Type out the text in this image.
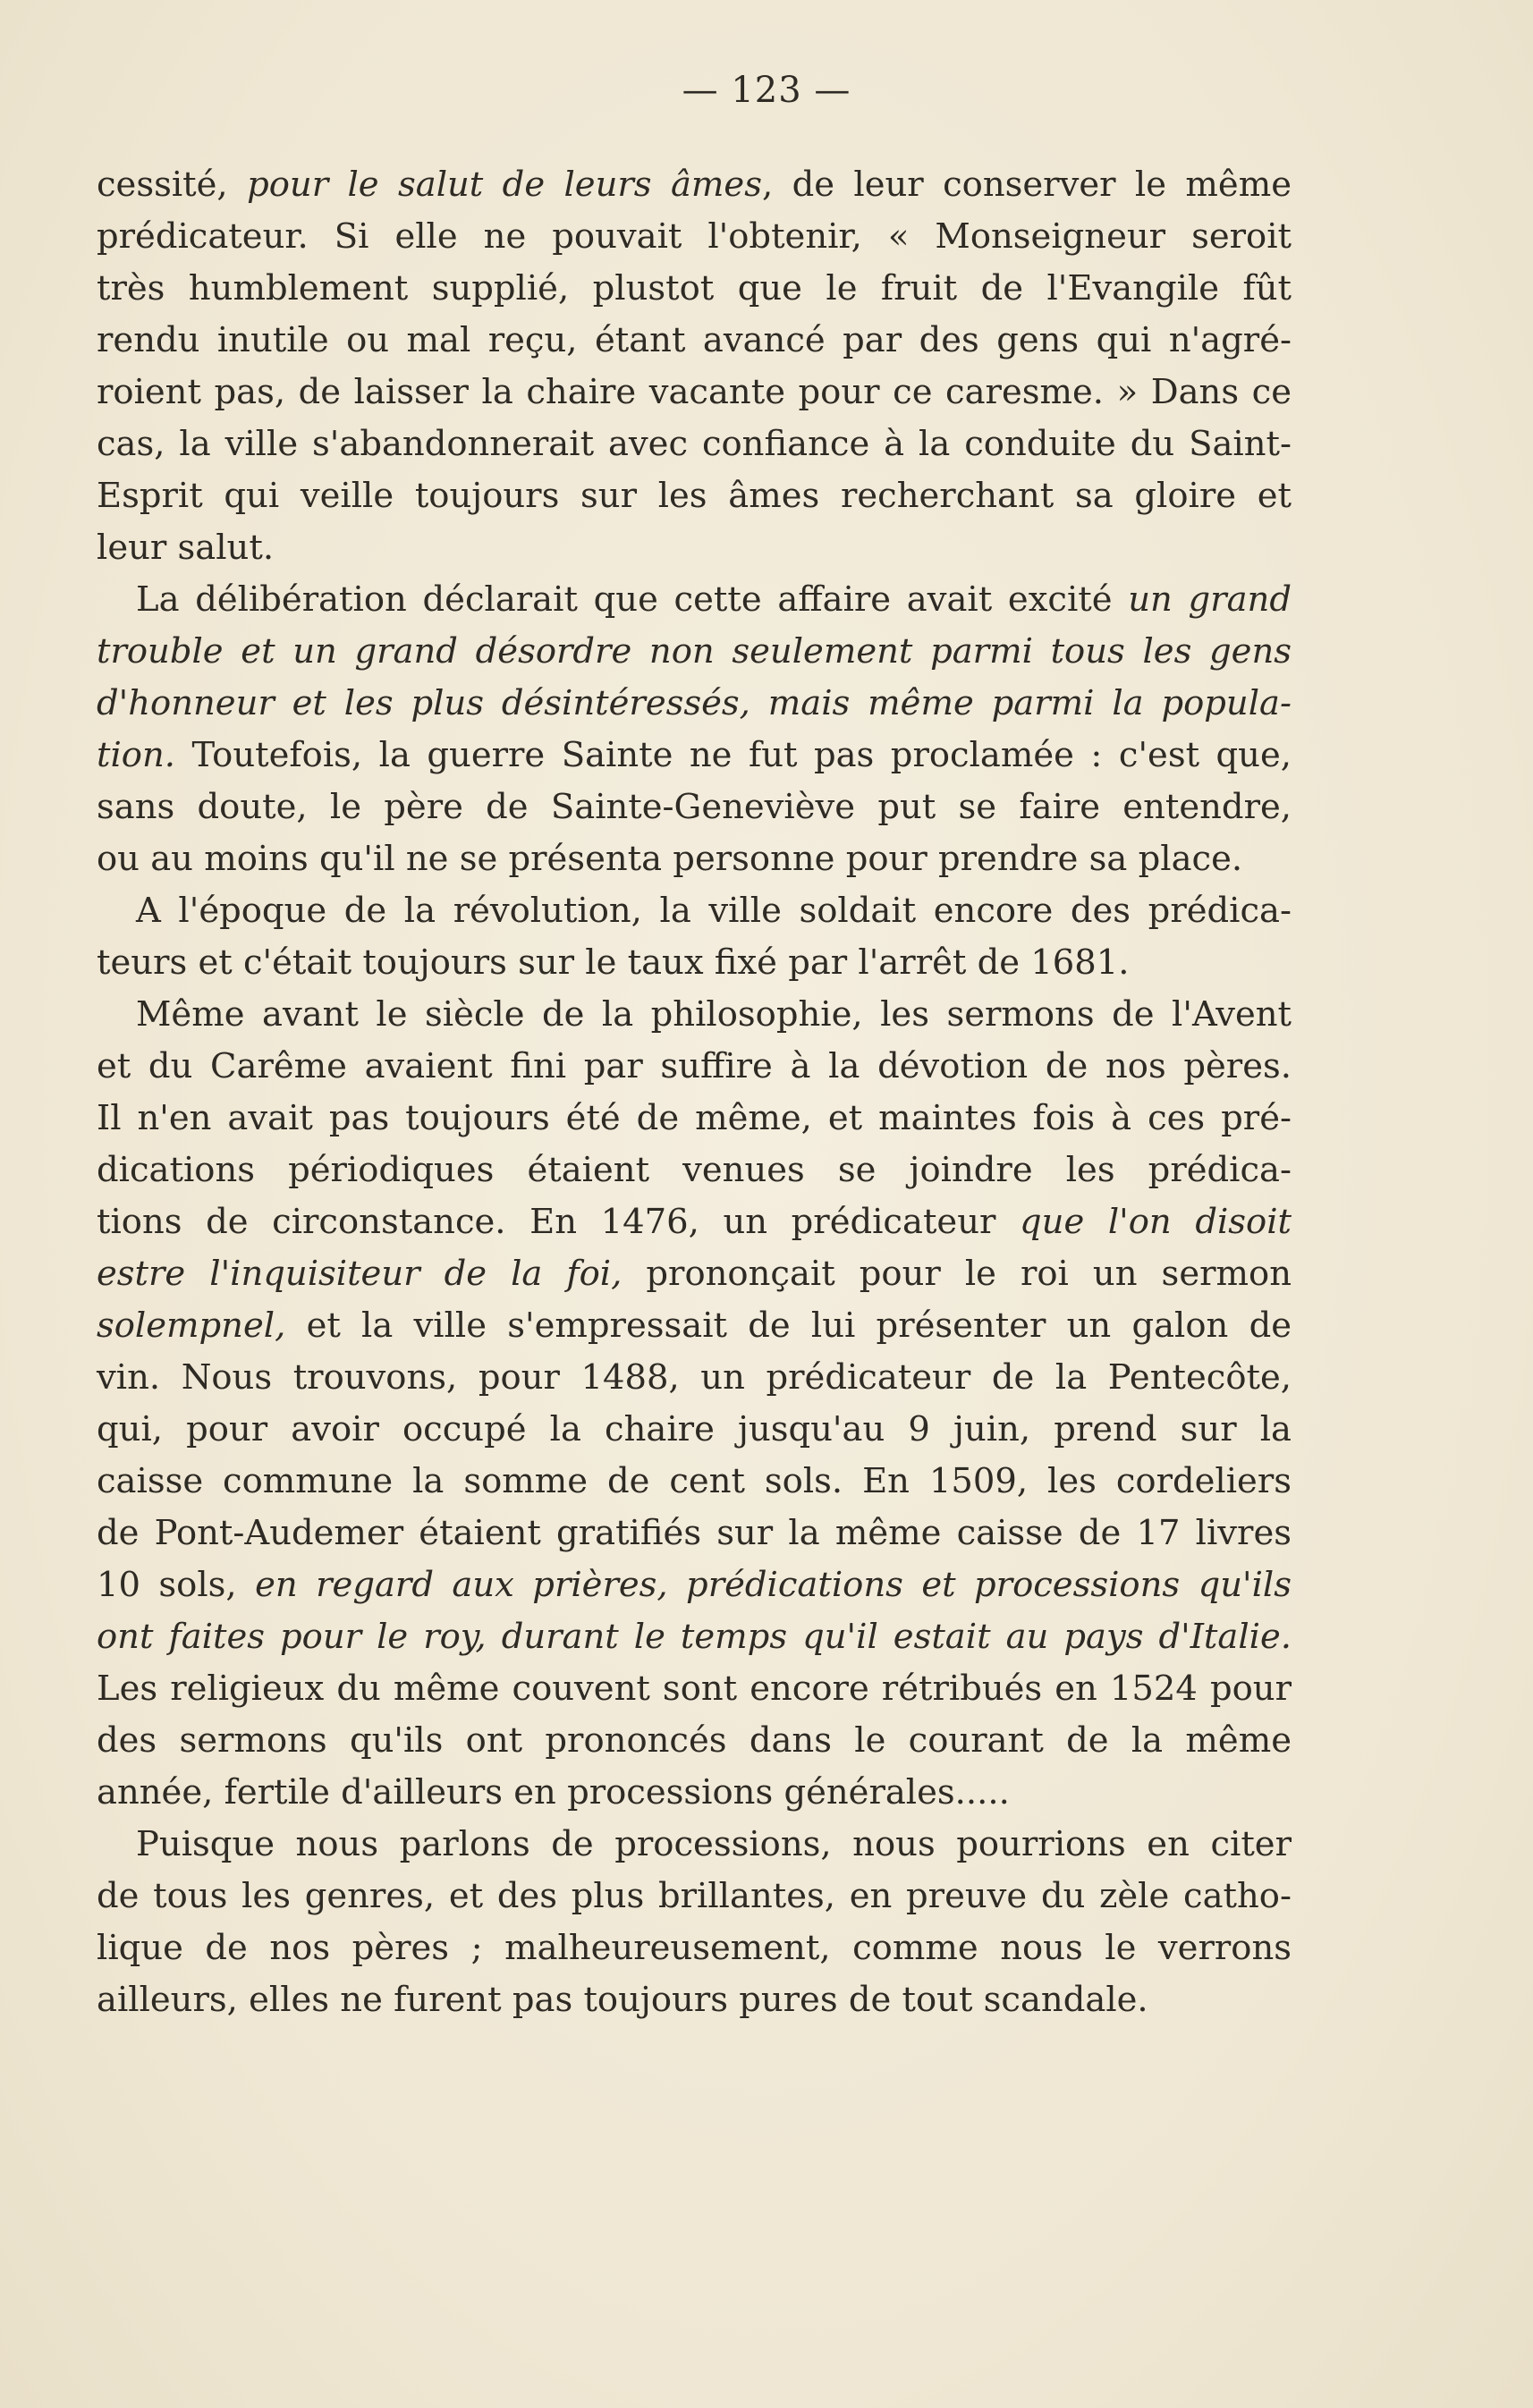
— 123 —
cessité, pour le salut de leurs âmes, de leur conserver le même
prédicateur. Si elle ne pouvait l'obtenir, « Monseigneur seroit
très humblement supplié, plustot que le fruit de l'Evangile fût
rendu inutile ou mal reçu, étant avancé par des gens qui n'agré-
roient pas, de laisser la chaire vacante pour ce caresme. » Dans ce
cas, la ville s'abandonnerait avec confiance à la conduite du Saint-
Esprit qui veille toujours sur les âmes recherchant sa gloire et
leur salut.
La délibération déclarait que cette affaire avait excité un grand
trouble et un grand désordre non seulement parmi tous les gens
d'honneur et les plus désintéressés, mais même parmi la popula-
tion. Toutefois, la guerre Sainte ne fut pas proclamée : c'est que,
sans doute, le père de Sainte-Geneviève put se faire entendre,
ou au moins qu'il ne se présenta personne pour prendre sa place.
A l'époque de la révolution, la ville soldait encore des prédica-
teurs et c'était toujours sur le taux fixé par l'arrêt de 1681.
Même avant le siècle de la philosophie, les sermons de l'Avent
et du Carême avaient fini par suffire à la dévotion de nos pères.
Il n'en avait pas toujours été de même, et maintes fois à ces pré-
dications périodiques étaient venues se joindre les prédica-
tions de circonstance. En 1476, un prédicateur que l'on disoit
estre l'inquisiteur de la foi, prononçait pour le roi un sermon
solempnel, et la ville s'empressait de lui présenter un galon de
vin. Nous trouvons, pour 1488, un prédicateur de la Pentecôte,
qui, pour avoir occupé la chaire jusqu'au 9 juin, prend sur la
caisse commune la somme de cent sols. En 1509, les cordeliers
de Pont-Audemer étaient gratifiés sur la même caisse de 17 livres
10 sols, en regard aux prières, prédications et processions qu'ils
ont faites pour le roy, durant le temps qu'il estait au pays d'Italie.
Les religieux du même couvent sont encore rétribués en 1524 pour
des sermons qu'ils ont prononcés dans le courant de la même
année, fertile d'ailleurs en processions générales.....
Puisque nous parlons de processions, nous pourrions en citer
de tous les genres, et des plus brillantes, en preuve du zèle catho-
lique de nos pères ; malheureusement, comme nous le verrons
ailleurs, elles ne furent pas toujours pures de tout scandale.
